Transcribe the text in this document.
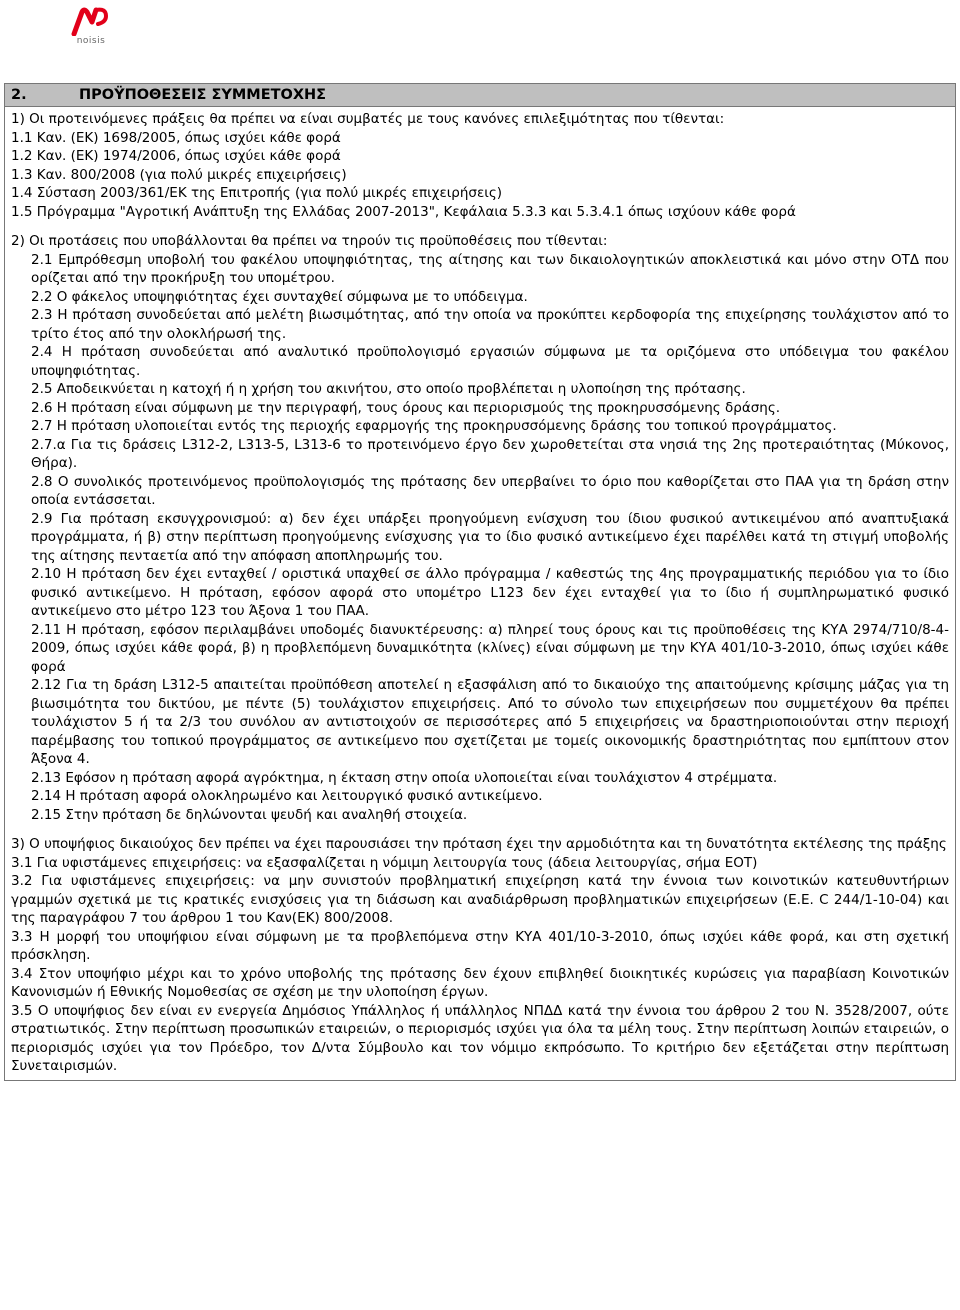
noisis
2.	ΠΡΟΫΠΟΘΕΣΕΙΣ ΣΥΜΜΕΤΟΧΗΣ
1) Οι προτεινόμενες πράξεις θα πρέπει να είναι συμβατές με τους κανόνες επιλεξιμότητας που τίθενται:
1.1 Καν. (ΕΚ) 1698/2005, όπως ισχύει κάθε φορά
1.2 Καν. (ΕΚ) 1974/2006, όπως ισχύει κάθε φορά
1.3 Καν. 800/2008 (για πολύ μικρές επιχειρήσεις)
1.4 Σύσταση 2003/361/ΕΚ της Επιτροπής (για πολύ μικρές επιχειρήσεις)
1.5 Πρόγραμμα "Αγροτική Ανάπτυξη της Ελλάδας 2007-2013", Κεφάλαια 5.3.3 και 5.3.4.1 όπως ισχύουν κάθε φορά
2) Οι προτάσεις που υποβάλλονται θα πρέπει να τηρούν τις προϋποθέσεις που τίθενται:
2.1 Εμπρόθεσμη υποβολή του φακέλου υποψηφιότητας, της αίτησης και των δικαιολογητικών αποκλειστικά και μόνο στην ΟΤΔ που ορίζεται από την προκήρυξη του υπομέτρου.
2.2 Ο φάκελος υποψηφιότητας έχει συνταχθεί σύμφωνα με το υπόδειγμα.
2.3 Η πρόταση συνοδεύεται από μελέτη βιωσιμότητας, από την οποία να προκύπτει κερδοφορία της επιχείρησης τουλάχιστον από το τρίτο έτος από την ολοκλήρωσή της.
2.4 Η πρόταση συνοδεύεται από αναλυτικό προϋπολογισμό εργασιών σύμφωνα με τα οριζόμενα στο υπόδειγμα του φακέλου υποψηφιότητας.
2.5 Αποδεικνύεται η κατοχή ή η χρήση του ακινήτου, στο οποίο προβλέπεται η υλοποίηση της πρότασης.
2.6 Η πρόταση είναι σύμφωνη με την περιγραφή, τους όρους και περιορισμούς της προκηρυσσόμενης δράσης.
2.7 Η πρόταση υλοποιείται εντός της περιοχής εφαρμογής της προκηρυσσόμενης δράσης του τοπικού προγράμματος.
2.7.α Για τις δράσεις L312-2, L313-5, L313-6 το προτεινόμενο έργο δεν χωροθετείται στα νησιά της 2ης προτεραιότητας (Μύκονος, Θήρα).
2.8 Ο συνολικός προτεινόμενος προϋπολογισμός της πρότασης δεν υπερβαίνει το όριο που καθορίζεται στο ΠΑΑ για τη δράση στην οποία εντάσσεται.
2.9 Για πρόταση εκσυγχρονισμού: α) δεν έχει υπάρξει προηγούμενη ενίσχυση του ίδιου φυσικού αντικειμένου από αναπτυξιακά προγράμματα, ή β) στην περίπτωση προηγούμενης ενίσχυσης για το ίδιο φυσικό αντικείμενο έχει παρέλθει κατά τη στιγμή υποβολής της αίτησης πενταετία από την απόφαση αποπληρωμής του.
2.10 Η πρόταση δεν έχει ενταχθεί / οριστικά υπαχθεί σε άλλο πρόγραμμα / καθεστώς της 4ης προγραμματικής περιόδου για το ίδιο φυσικό αντικείμενο. Η πρόταση, εφόσον αφορά στο υπομέτρο L123 δεν έχει ενταχθεί για το ίδιο ή συμπληρωματικό φυσικό αντικείμενο στο μέτρο 123 του Άξονα 1 του ΠΑΑ.
2.11 Η πρόταση, εφόσον περιλαμβάνει υποδομές διανυκτέρευσης: α) πληρεί τους όρους και τις προϋποθέσεις της ΚΥΑ 2974/710/8-4-2009, όπως ισχύει κάθε φορά, β) η προβλεπόμενη δυναμικότητα (κλίνες) είναι σύμφωνη με την ΚΥΑ 401/10-3-2010, όπως ισχύει κάθε φορά
2.12 Για τη δράση L312-5 απαιτείται προϋπόθεση αποτελεί η εξασφάλιση από το δικαιούχο της απαιτούμενης κρίσιμης μάζας για τη βιωσιμότητα του δικτύου, με πέντε (5) τουλάχιστον επιχειρήσεις. Από το σύνολο των επιχειρήσεων που συμμετέχουν θα πρέπει τουλάχιστον 5 ή τα 2/3 του συνόλου αν αντιστοιχούν σε περισσότερες από 5 επιχειρήσεις να δραστηριοποιούνται στην περιοχή παρέμβασης του τοπικού προγράμματος σε αντικείμενο που σχετίζεται με τομείς οικονομικής δραστηριότητας που εμπίπτουν στον Άξονα 4.
2.13 Εφόσον η πρόταση αφορά αγρόκτημα, η έκταση στην οποία υλοποιείται είναι τουλάχιστον 4 στρέμματα.
2.14 Η πρόταση αφορά ολοκληρωμένο και λειτουργικό φυσικό αντικείμενο.
2.15 Στην πρόταση δε δηλώνονται ψευδή και αναληθή στοιχεία.
3) Ο υποψήφιος δικαιούχος δεν πρέπει να έχει παρουσιάσει την πρόταση έχει την αρμοδιότητα και τη δυνατότητα εκτέλεσης της πράξης
3.1 Για υφιστάμενες επιχειρήσεις: να εξασφαλίζεται η νόμιμη λειτουργία τους (άδεια λειτουργίας, σήμα ΕΟΤ)
3.2 Για υφιστάμενες επιχειρήσεις: να μην συνιστούν προβληματική επιχείρηση κατά την έννοια των κοινοτικών κατευθυντήριων γραμμών σχετικά με τις κρατικές ενισχύσεις για τη διάσωση και αναδιάρθρωση προβληματικών επιχειρήσεων (Ε.Ε. C 244/1-10-04) και της παραγράφου 7 του άρθρου 1 του Καν(ΕΚ) 800/2008.
3.3 Η μορφή του υποψήφιου είναι σύμφωνη με τα προβλεπόμενα στην ΚΥΑ 401/10-3-2010, όπως ισχύει κάθε φορά, και στη σχετική πρόσκληση.
3.4 Στον υποψήφιο μέχρι και το χρόνο υποβολής της πρότασης δεν έχουν επιβληθεί διοικητικές κυρώσεις για παραβίαση Κοινοτικών Κανονισμών ή Εθνικής Νομοθεσίας σε σχέση με την υλοποίηση έργων.
3.5 Ο υποψήφιος δεν είναι εν ενεργεία Δημόσιος Υπάλληλος ή υπάλληλος ΝΠΔΔ κατά την έννοια του άρθρου 2 του Ν. 3528/2007, ούτε στρατιωτικός. Στην περίπτωση προσωπικών εταιρειών, ο περιορισμός ισχύει για όλα τα μέλη τους. Στην περίπτωση λοιπών εταιρειών, ο περιορισμός ισχύει για τον Πρόεδρο, τον Δ/ντα Σύμβουλο και τον νόμιμο εκπρόσωπο. Το κριτήριο δεν εξετάζεται στην περίπτωση Συνεταιρισμών.
